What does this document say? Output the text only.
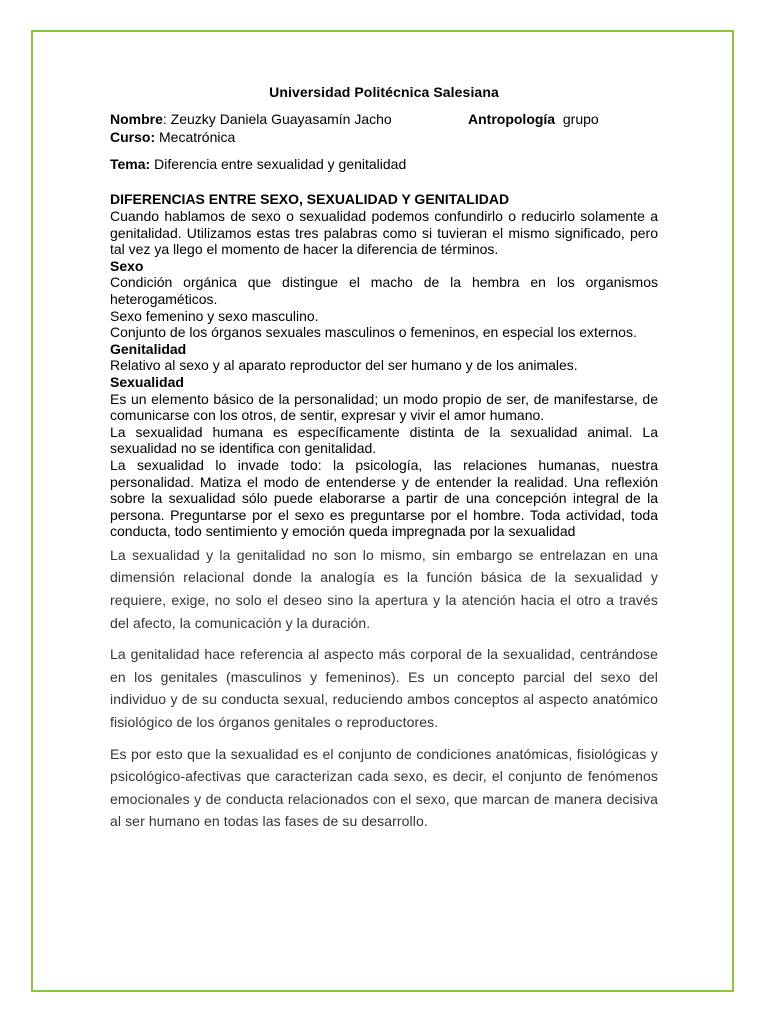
Universidad Politécnica Salesiana
Nombre: Zeuzky Daniela Guayasamín Jacho	Antropología grupo
Curso: Mecatrónica
Tema: Diferencia entre sexualidad y genitalidad
DIFERENCIAS ENTRE SEXO, SEXUALIDAD Y GENITALIDAD

Cuando hablamos de sexo o sexualidad podemos confundirlo o reducirlo solamente a genitalidad. Utilizamos estas tres palabras como si tuvieran el mismo significado, pero tal vez ya llego el momento de hacer la diferencia de términos.

Sexo

Condición orgánica que distingue el macho de la hembra en los organismos heterogaméticos.

Sexo femenino y sexo masculino.

Conjunto de los órganos sexuales masculinos o femeninos, en especial los externos.

Genitalidad

Relativo al sexo y al aparato reproductor del ser humano y de los animales.

Sexualidad

Es un elemento básico de la personalidad; un modo propio de ser, de manifestarse, de comunicarse con los otros, de sentir, expresar y vivir el amor humano.

La sexualidad humana es específicamente distinta de la sexualidad animal. La sexualidad no se identifica con genitalidad.

La sexualidad lo invade todo: la psicología, las relaciones humanas, nuestra personalidad. Matiza el modo de entenderse y de entender la realidad. Una reflexión sobre la sexualidad sólo puede elaborarse a partir de una concepción integral de la persona. Preguntarse por el sexo es preguntarse por el hombre. Toda actividad, toda conducta, todo sentimiento y emoción queda impregnada por la sexualidad

La sexualidad y la genitalidad no son lo mismo, sin embargo se entrelazan en una dimensión relacional donde la analogía es la función básica de la sexualidad y requiere, exige, no solo el deseo sino la apertura y la atención hacia el otro a través del afecto, la comunicación y la duración.

La genitalidad hace referencia al aspecto más corporal de la sexualidad, centrándose en los genitales (masculinos y femeninos). Es un concepto parcial del sexo del individuo y de su conducta sexual, reduciendo ambos conceptos al aspecto anatómico fisiológico de los órganos genitales o reproductores.

Es por esto que la sexualidad es el conjunto de condiciones anatómicas, fisiológicas y psicológico-afectivas que caracterizan cada sexo, es decir, el conjunto de fenómenos emocionales y de conducta relacionados con el sexo, que marcan de manera decisiva al ser humano en todas las fases de su desarrollo.
